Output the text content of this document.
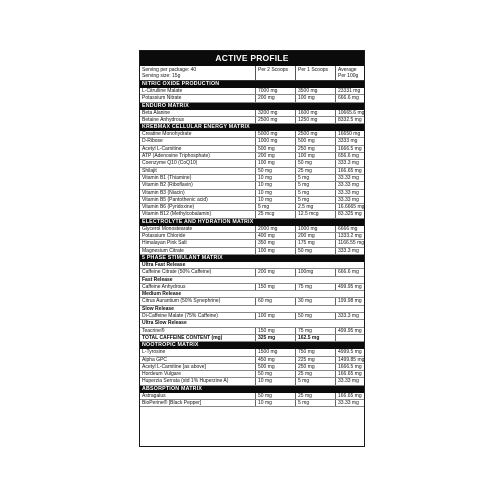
ACTIVE PROFILE
Serving per package: 40
Serving size: 15g
Per 2 Scoops	Per 1 Scoops	Average Per 100g
NITRIC OXIDE PRODUCTION
L-Citrulline Malate	7000 mg	3500 mg	23331 mg
Potassium Nitrate	200 mg	100 mg	666.6 mg
ENDURO MATRIX
Beta Alanine	3200 mg	1600 mg	10665.6 mg
Betaine Anhydrous	2500 mg	1250 mg	8332.5 mg
KREBMAX CELLULAR ENERGY MATRIX
Creatine Monohydrate	5000 mg	2500 mg	16650 mg
D-Ribose	1000 mg	500 mg	3333 mg
Acetyl L-Carnitine	500 mg	250 mg	1666.5 mg
ATP (Adenosine Triphosphate)	200 mg	100 mg	656.6 mg
Coenzyme Q10 (CoQ10)	100 mg	50 mg	333.3 mg
Shilajit	50 mg	25 mg	166.65 mg
Vitamin B1 (Thiamine)	10 mg	5 mg	33.33 mg
Vitamin B2 (Riboflavin)	10 mg	5 mg	33.33 mg
Vitamin B3 (Niacin)	10 mg	5 mg	33.33 mg
Vitamin B5 (Pantothenic acid)	10 mg	5 mg	33.33 mg
Vitamin B6 (Pyridoxine)	5 mg	2.5 mg	16.6665 mg
Vitamin B12 (Methylcobalamin)	25 mcg	12.5 mcg	83.325 mg
ELECTROLYTE AND HYDRATION MATRIX
Glycerol Monostearate	2000 mg	1000 mg	6666 mg
Potassium Chloride	400 mg	200 mg	1333.2 mg
Himalayan Pink Salt	350 mg	175 mg	1166.55 mg
Magnesium Citrate	100 mg	50 mg	333.3 mg
5 PHASE STIMULANT MATRIX
Ultra Fast Release
Caffeine Citrate (50% Caffeine)	200 mg	100mg	666.6 mg
Fast Release
Caffeine Anhydrous	150 mg	75 mg	499.95 mg
Medium Release
Citrus Aurantium (50% Synephrine)	60 mg	30 mg	199.98 mg
Slow Release
Di-Caffeine Malate (75% Caffeine)	100 mg	50 mg	333.3 mg
Ultra Slow Release
Teacrine®	150 mg	75 mg	499.95 mg
TOTAL CAFFEINE CONTENT (mg)	325 mg	162.5 mg
NOOTROPIC MATRIX
L-Tyrosine	1500 mg	750 mg	4999.5 mg
Alpha GPC	450 mg	225 mg	1499.85 mg
Acetyl L-Carnitine [as above]	500 mg	250 mg	1666.5 mg
Hordeum Vulgare	50 mg	25 mg	166.65 mg
Huperzia Serrata (std 1% Huperzine A)	10 mg	5 mg	33.33 mg
ABSORPTION MATRIX
Astragalus	50 mg	25 mg	166.65 mg
BioPerine® [Black Pepper]	10 mg	5 mg	33.33 mg
